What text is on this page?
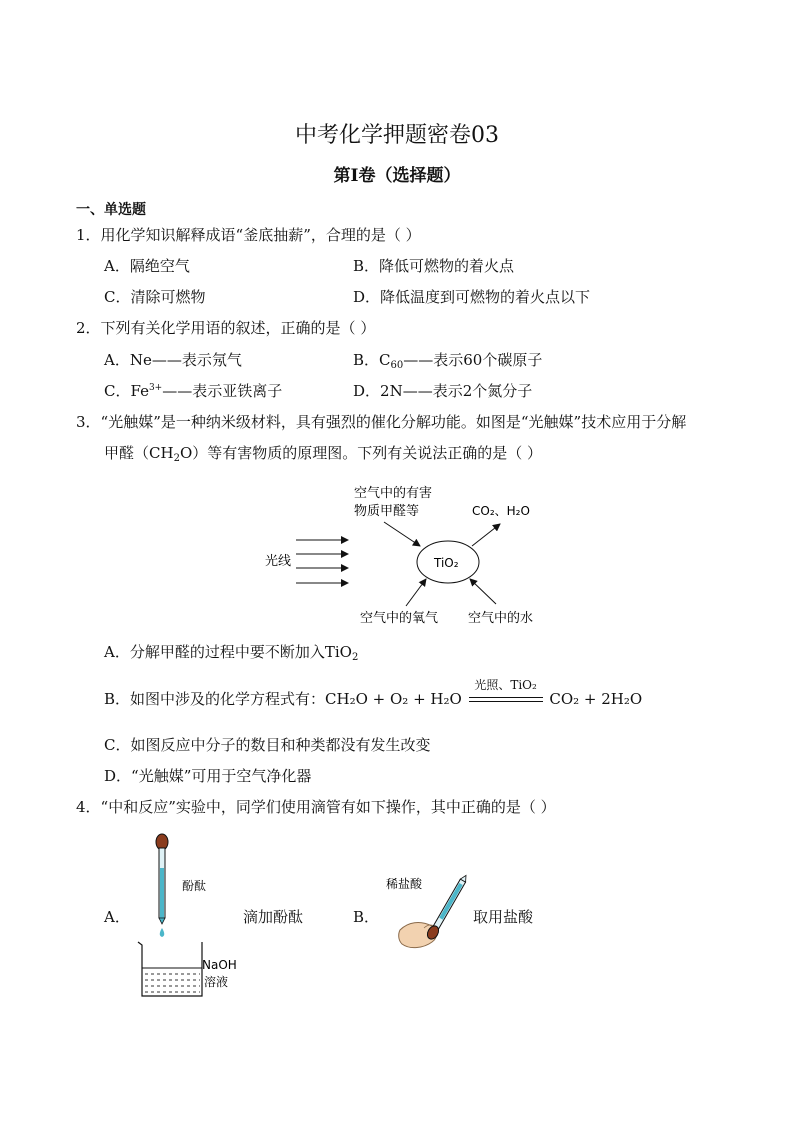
中考化学押题密卷03
第I卷（选择题）
一、单选题
1．用化学知识解释成语“釜底抽薪”，合理的是（ ）
A．隔绝空气	B．降低可燃物的着火点
C．清除可燃物	D．降低温度到可燃物的着火点以下
2．下列有关化学用语的叙述，正确的是（ ）
A．Ne——表示氖气	B．$C_{60}——$表示60个碳原子
C．$Fe^{3+}——$表示亚铁离子	D．2N——表示2个氮分子
3．“光触媒”是一种纳米级材料，具有强烈的催化分解功能。如图是“光触媒”技术应用于分解
甲醛$(CH_2O)$等有害物质的原理图。下列有关说法正确的是（ ）
空气中的有害
物质甲醛等	CO₂、H₂O
光线	TiO₂
空气中的氧气 空气中的水
A．分解甲醛的过程中要不断加入TiO$_2$
B．如图中涉及的化学方程式有：CH₂O + O₂ + H₂O
光照、TiO₂
CO₂ + 2H₂O
C．如图反应中分子的数目和种类都没有发生改变
D．“光触媒”可用于空气净化器
4．“中和反应”实验中，同学们使用滴管有如下操作，其中正确的是（ ）
A．
酚酞
NaOH
溶液
滴加酚酞	B．
稀盐酸
取用盐酸
